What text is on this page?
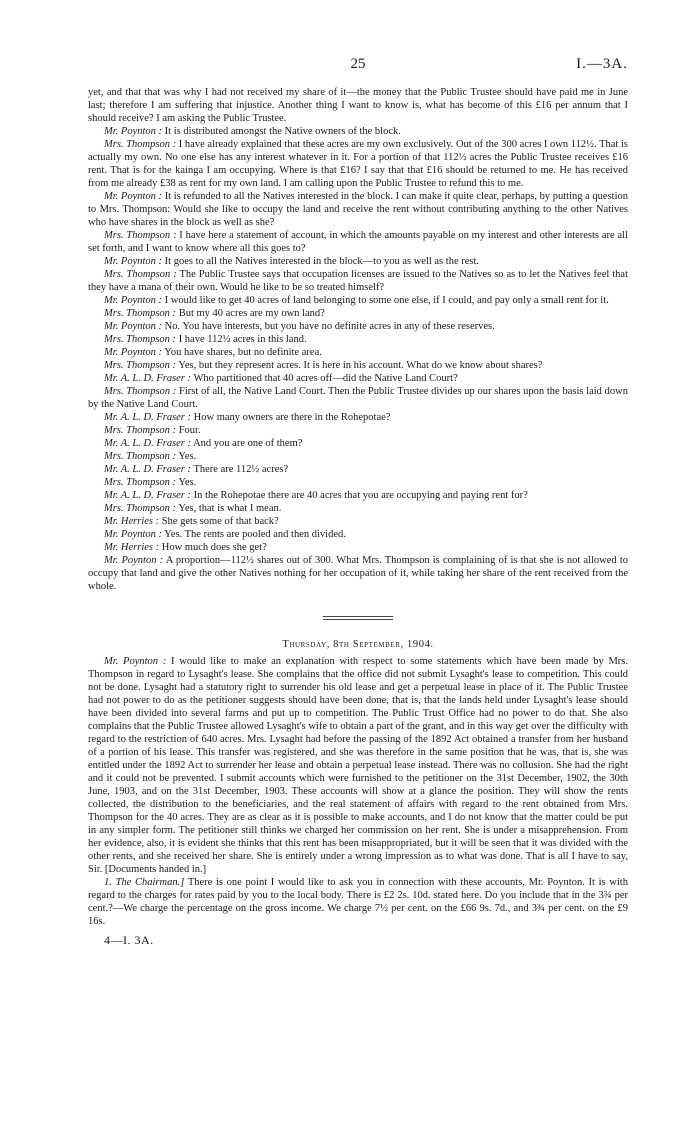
25	I.—3A.

yet, and that that was why I had not received my share of it—the money that the Public Trustee should have paid me in June last; therefore I am suffering that injustice. Another thing I want to know is, what has become of this £16 per annum that I should receive? I am asking the Public Trustee.

Mr. Poynton : It is distributed amongst the Native owners of the block.

Mrs. Thompson : I have already explained that these acres are my own exclusively. Out of the 300 acres I own 112½. That is actually my own. No one else has any interest whatever in it. For a portion of that 112½ acres the Public Trustee receives £16 rent. That is for the kainga I am occupying. Where is that £16? I say that that £16 should be returned to me. He has received from me already £38 as rent for my own land. I am calling upon the Public Trustee to refund this to me.

Mr. Poynton : It is refunded to all the Natives interested in the block. I can make it quite clear, perhaps, by putting a question to Mrs. Thompson: Would she like to occupy the land and receive the rent without contributing anything to the other Natives who have shares in the block as well as she?

Mrs. Thompson : I have here a statement of account, in which the amounts payable on my interest and other interests are all set forth, and I want to know where all this goes to?

Mr. Poynton : It goes to all the Natives interested in the block—to you as well as the rest.

Mrs. Thompson : The Public Trustee says that occupation licenses are issued to the Natives so as to let the Natives feel that they have a mana of their own. Would he like to be so treated himself?

Mr. Poynton : I would like to get 40 acres of land belonging to some one else, if I could, and pay only a small rent for it.

Mrs. Thompson : But my 40 acres are my own land?

Mr. Poynton : No. You have interests, but you have no definite acres in any of these reserves.

Mrs. Thompson : I have 112½ acres in this land.

Mr. Poynton : You have shares, but no definite area.

Mrs. Thompson : Yes, but they represent acres. It is here in his account. What do we know about shares?

Mr. A. L. D. Fraser : Who partitioned that 40 acres off—did the Native Land Court?

Mrs. Thompson : First of all, the Native Land Court. Then the Public Trustee divides up our shares upon the basis laid down by the Native Land Court.

Mr. A. L. D. Fraser : How many owners are there in the Rohepotae?

Mrs. Thompson : Four.

Mr. A. L. D. Fraser : And you are one of them?

Mrs. Thompson : Yes.

Mr. A. L. D. Fraser : There are 112½ acres?

Mrs. Thompson : Yes.

Mr. A. L. D. Fraser : In the Rohepotae there are 40 acres that you are occupying and paying rent for?

Mrs. Thompson : Yes, that is what I mean.

Mr. Herries : She gets some of that back?

Mr. Poynton : Yes. The rents are pooled and then divided.

Mr. Herries : How much does she get?

Mr. Poynton : A proportion—112½ shares out of 300. What Mrs. Thompson is complaining of is that she is not allowed to occupy that land and give the other Natives nothing for her occupation of it, while taking her share of the rent received from the whole.

Thursday, 8th September, 1904.

Mr. Poynton : I would like to make an explanation with respect to some statements which have been made by Mrs. Thompson in regard to Lysaght's lease. She complains that the office did not submit Lysaght's lease to competition. This could not be done. Lysaght had a statutory right to surrender his old lease and get a perpetual lease in place of it. The Public Trustee had not power to do as the petitioner suggests should have been done, that is, that the lands held under Lysaght's lease should have been divided into several farms and put up to competition. The Public Trust Office had no power to do that. She also complains that the Public Trustee allowed Lysaght's wife to obtain a part of the grant, and in this way get over the difficulty with regard to the restriction of 640 acres. Mrs. Lysaght had before the passing of the 1892 Act obtained a transfer from her husband of a portion of his lease. This transfer was registered, and she was therefore in the same position that he was, that is, she was entitled under the 1892 Act to surrender her lease and obtain a perpetual lease instead. There was no collusion. She had the right and it could not be prevented. I submit accounts which were furnished to the petitioner on the 31st December, 1902, the 30th June, 1903, and on the 31st December, 1903. These accounts will show at a glance the position. They will show the rents collected, the distribution to the beneficiaries, and the real statement of affairs with regard to the rent obtained from Mrs. Thompson for the 40 acres. They are as clear as it is possible to make accounts, and I do not know that the matter could be put in any simpler form. The petitioner still thinks we charged her commission on her rent. She is under a misapprehension. From her evidence, also, it is evident she thinks that this rent has been misappropriated, but it will be seen that it was divided with the other rents, and she received her share. She is entirely under a wrong impression as to what was done. That is all I have to say, Sir. [Documents handed in.]

1. The Chairman.] There is one point I would like to ask you in connection with these accounts, Mr. Poynton. It is with regard to the charges for rates paid by you to the local body. There is £2 2s. 10d. stated here. Do you include that in the 3¾ per cent.?—We charge the percentage on the gross income. We charge 7½ per cent. on the £66 9s. 7d., and 3¾ per cent. on the £9 16s.

4—I. 3A.
